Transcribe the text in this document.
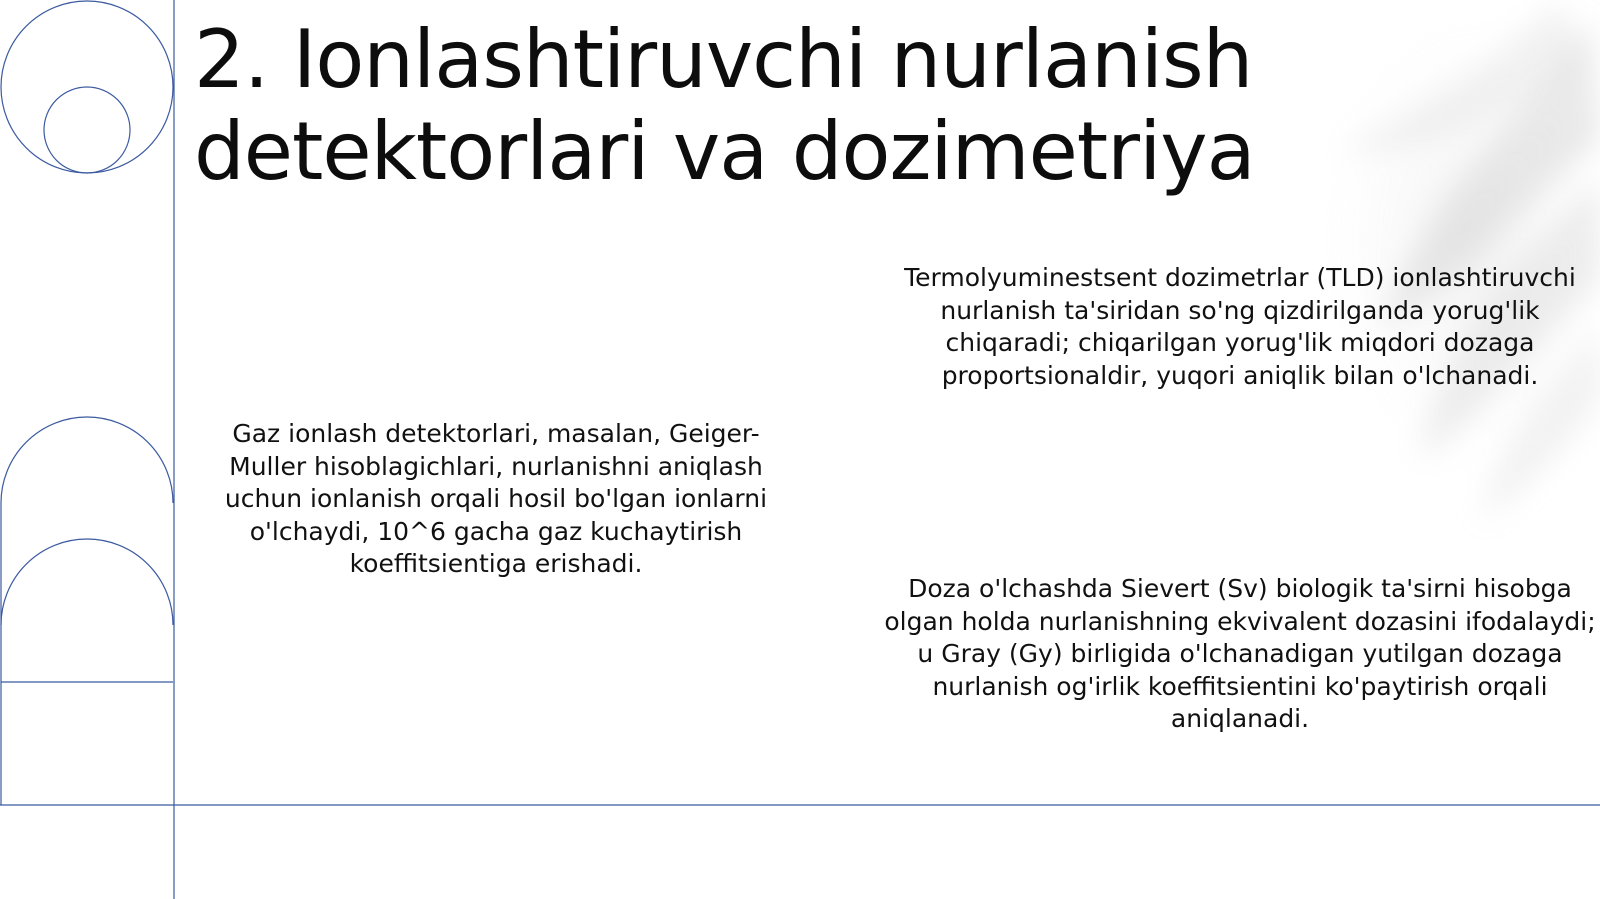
2. Ionlashtiruvchi nurlanish
detektorlari va dozimetriya

Gaz ionlash detektorlari, masalan, Geiger-Muller hisoblagichlari, nurlanishni aniqlash uchun ionlanish orqali hosil bo'lgan ionlarni o'lchaydi, 10^6 gacha gaz kuchaytirish koeffitsientiga erishadi.

Termolyuminestsent dozimetrlar (TLD) ionlashtiruvchi nurlanish ta'siridan so'ng qizdirilganda yorug'lik chiqaradi; chiqarilgan yorug'lik miqdori dozaga proportsionaldir, yuqori aniqlik bilan o'lchanadi.

Doza o'lchashda Sievert (Sv) biologik ta'sirni hisobga olgan holda nurlanishning ekvivalent dozasini ifodalaydi; u Gray (Gy) birligida o'lchanadigan yutilgan dozaga nurlanish og'irlik koeffitsientini ko'paytirish orqali aniqlanadi.
